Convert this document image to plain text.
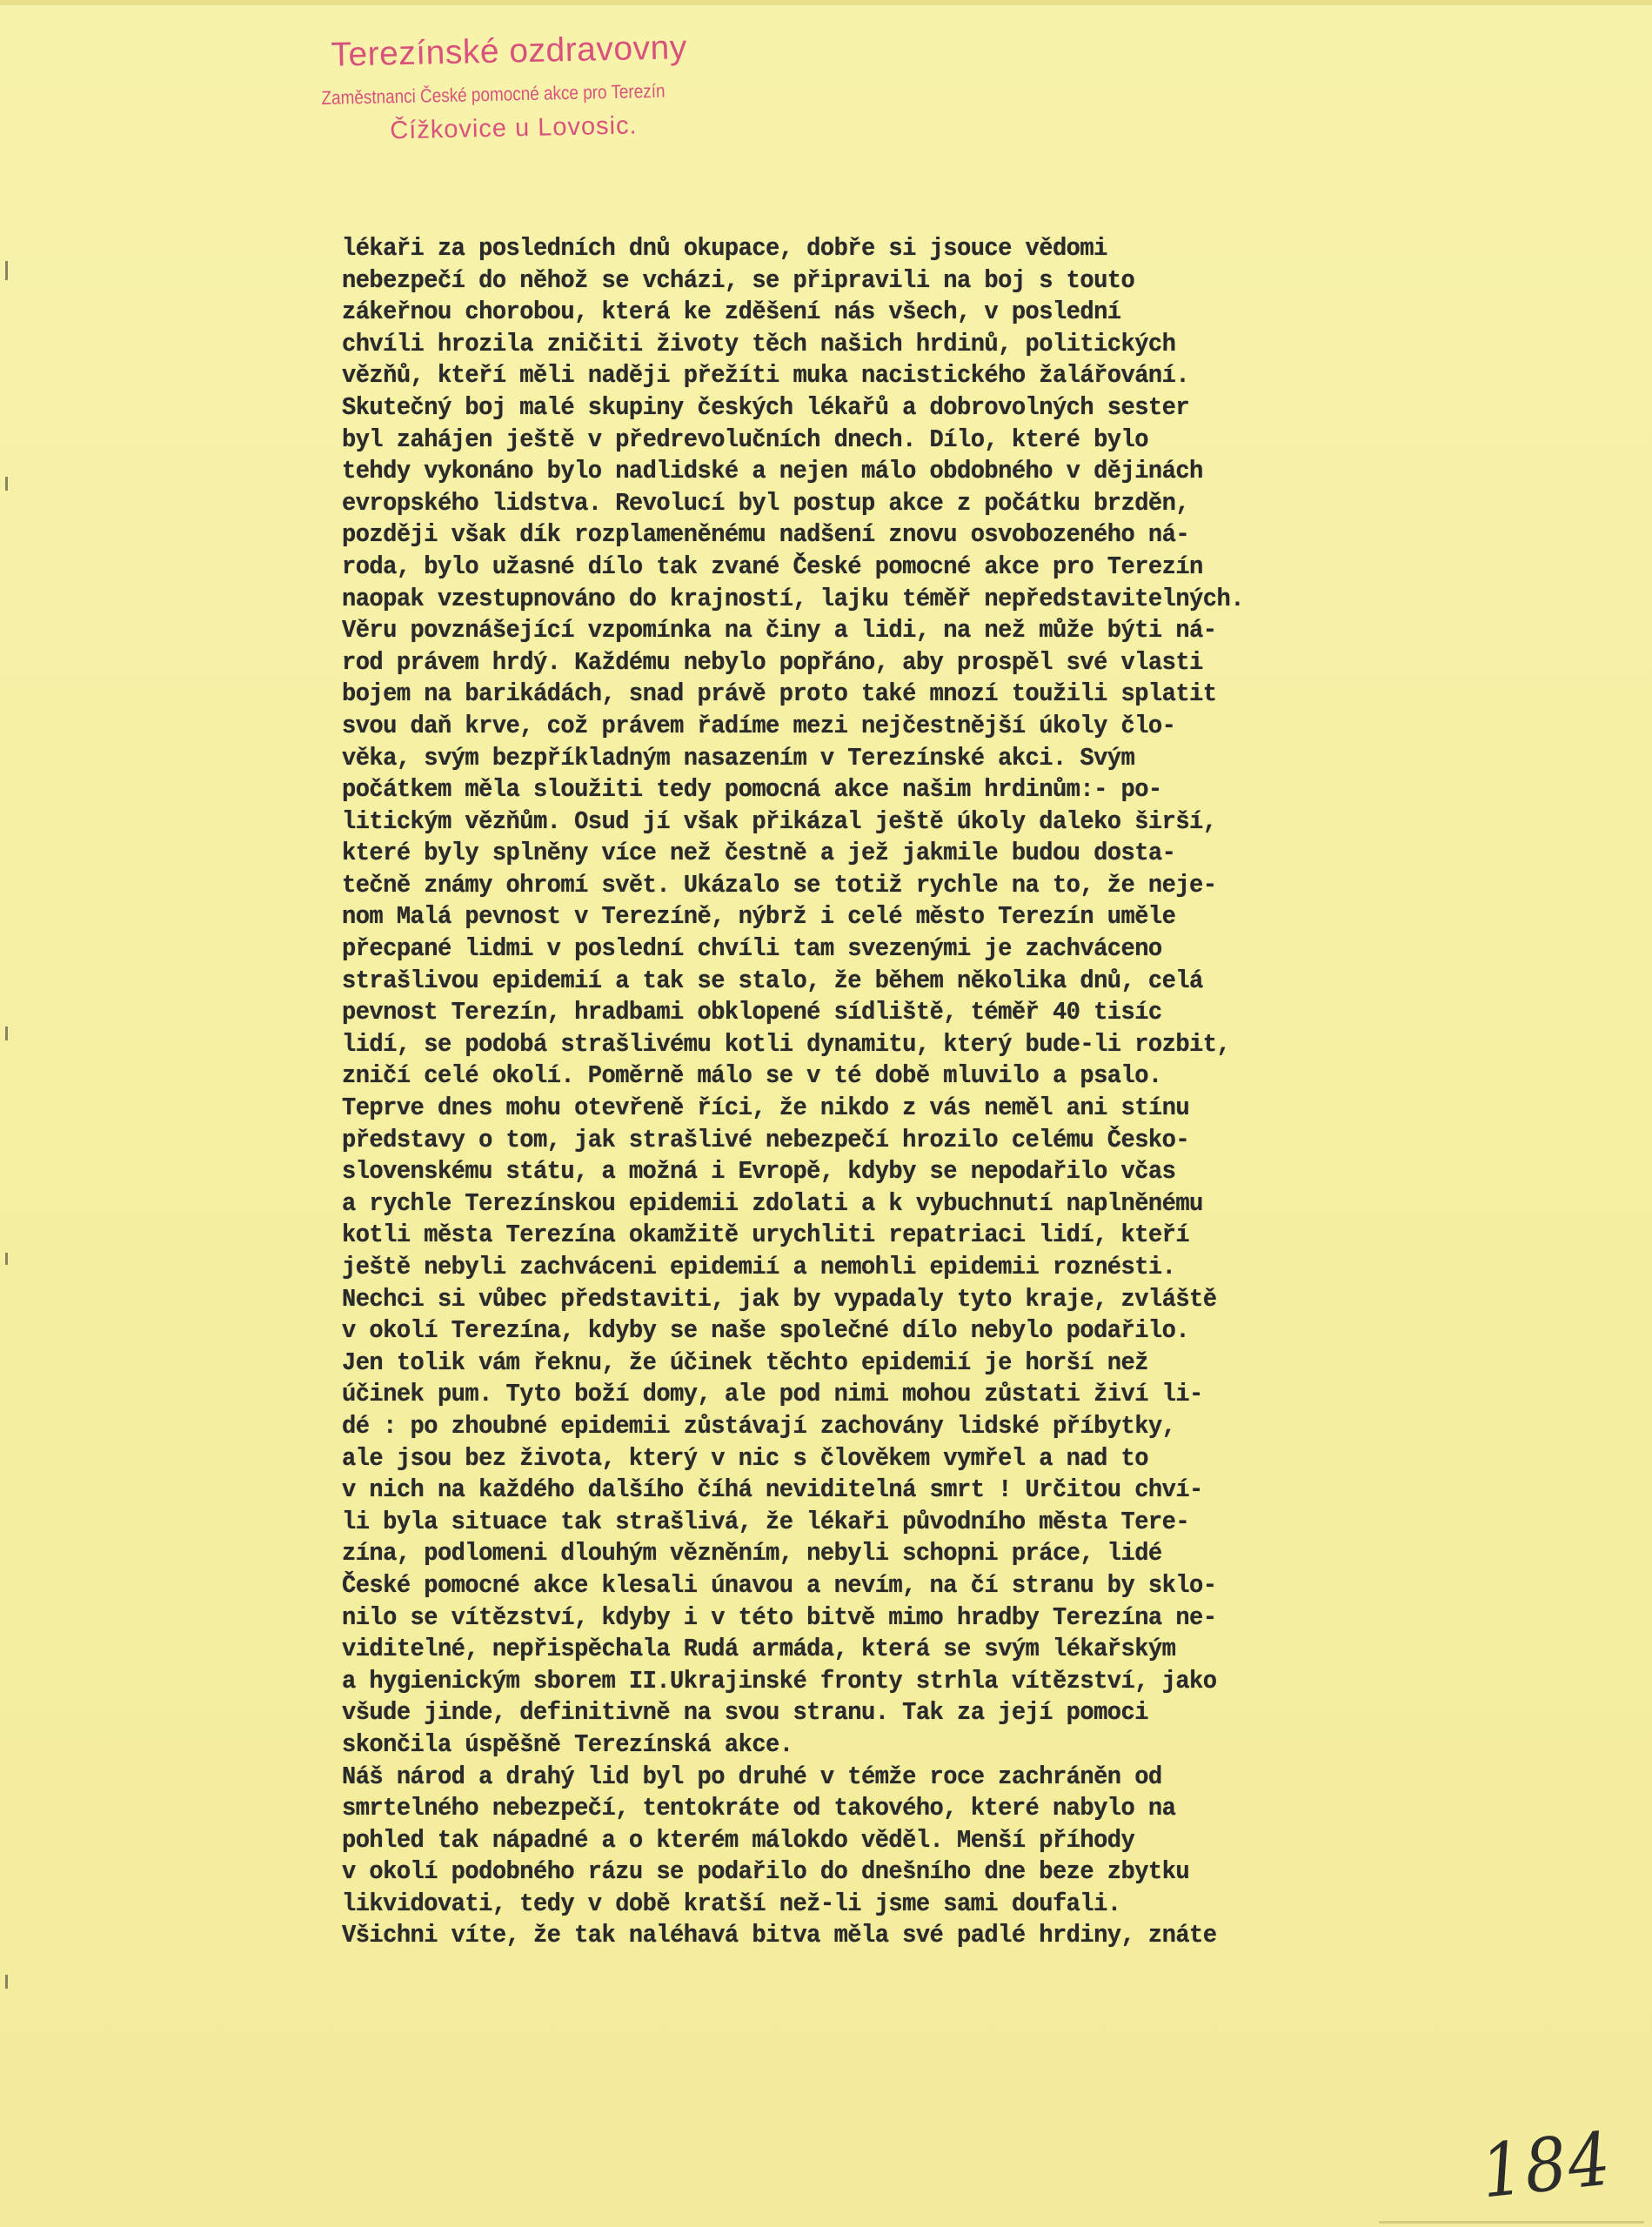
Terezínské ozdravovny
Zaměstnanci České pomocné akce pro Terezín
Čížkovice u Lovosic.
lékaři za posledních dnů okupace, dobře si jsouce vědomi
nebezpečí do něhož se vcházi, se připravili na boj s touto
zákeřnou chorobou, která ke zděšení nás všech, v poslední
chvíli hrozila zničiti životy těch našich hrdinů, politických
vězňů, kteří měli naději přežíti muka nacistického žalářování.
Skutečný boj malé skupiny českých lékařů a dobrovolných sester
byl zahájen ještě v předrevolučních dnech. Dílo, které bylo
tehdy vykonáno bylo nadlidské a nejen málo obdobného v dějinách
evropského lidstva. Revolucí byl postup akce z počátku brzděn,
později však dík rozplameněnému nadšení znovu osvobozeného ná-
roda, bylo užasné dílo tak zvané České pomocné akce pro Terezín
naopak vzestupnováno do krajností, lajku téměř nepředstavitelných.
Věru povznášející vzpomínka na činy a lidi, na než může býti ná-
rod právem hrdý. Každému nebylo popřáno, aby prospěl své vlasti
bojem na barikádách, snad právě proto také mnozí toužili splatit
svou daň krve, což právem řadíme mezi nejčestnější úkoly člo-
věka, svým bezpříkladným nasazením v Terezínské akci. Svým
počátkem měla sloužiti tedy pomocná akce našim hrdinům:- po-
litickým vězňům. Osud jí však přikázal ještě úkoly daleko širší,
které byly splněny více než čestně a jež jakmile budou dosta-
tečně známy ohromí svět. Ukázalo se totiž rychle na to, že neje-
nom Malá pevnost v Terezíně, nýbrž i celé město Terezín uměle
přecpané lidmi v poslední chvíli tam svezenými je zachváceno
strašlivou epidemií a tak se stalo, že během několika dnů, celá
pevnost Terezín, hradbami obklopené sídliště, téměř 40 tisíc
lidí, se podobá strašlivému kotli dynamitu, který bude-li rozbit,
zničí celé okolí. Poměrně málo se v té době mluvilo a psalo.
Teprve dnes mohu otevřeně říci, že nikdo z vás neměl ani stínu
představy o tom, jak strašlivé nebezpečí hrozilo celému Česko-
slovenskému státu, a možná i Evropě, kdyby se nepodařilo včas
a rychle Terezínskou epidemii zdolati a k vybuchnutí naplněnému
kotli města Terezína okamžitě urychliti repatriaci lidí, kteří
ještě nebyli zachváceni epidemií a nemohli epidemii roznésti.
Nechci si vůbec představiti, jak by vypadaly tyto kraje, zvláště
v okolí Terezína, kdyby se naše společné dílo nebylo podařilo.
Jen tolik vám řeknu, že účinek těchto epidemií je horší než
účinek pum. Tyto boží domy, ale pod nimi mohou zůstati živí li-
dé : po zhoubné epidemii zůstávají zachovány lidské příbytky,
ale jsou bez života, který v nic s člověkem vymřel a nad to
v nich na každého dalšího číhá neviditelná smrt ! Určitou chví-
li byla situace tak strašlivá, že lékaři původního města Tere-
zína, podlomeni dlouhým vězněním, nebyli schopni práce, lidé
České pomocné akce klesali únavou a nevím, na čí stranu by sklo-
nilo se vítězství, kdyby i v této bitvě mimo hradby Terezína ne-
viditelné, nepřispěchala Rudá armáda, která se svým lékařským
a hygienickým sborem II.Ukrajinské fronty strhla vítězství, jako
všude jinde, definitivně na svou stranu. Tak za její pomoci
skončila úspěšně Terezínská akce.
Náš národ a drahý lid byl po druhé v témže roce zachráněn od
smrtelného nebezpečí, tentokráte od takového, které nabylo na
pohled tak nápadné a o kterém málokdo věděl. Menší příhody
v okolí podobného rázu se podařilo do dnešního dne beze zbytku
likvidovati, tedy v době kratší než-li jsme sami doufali.
Všichni víte, že tak naléhavá bitva měla své padlé hrdiny, znáte
184
